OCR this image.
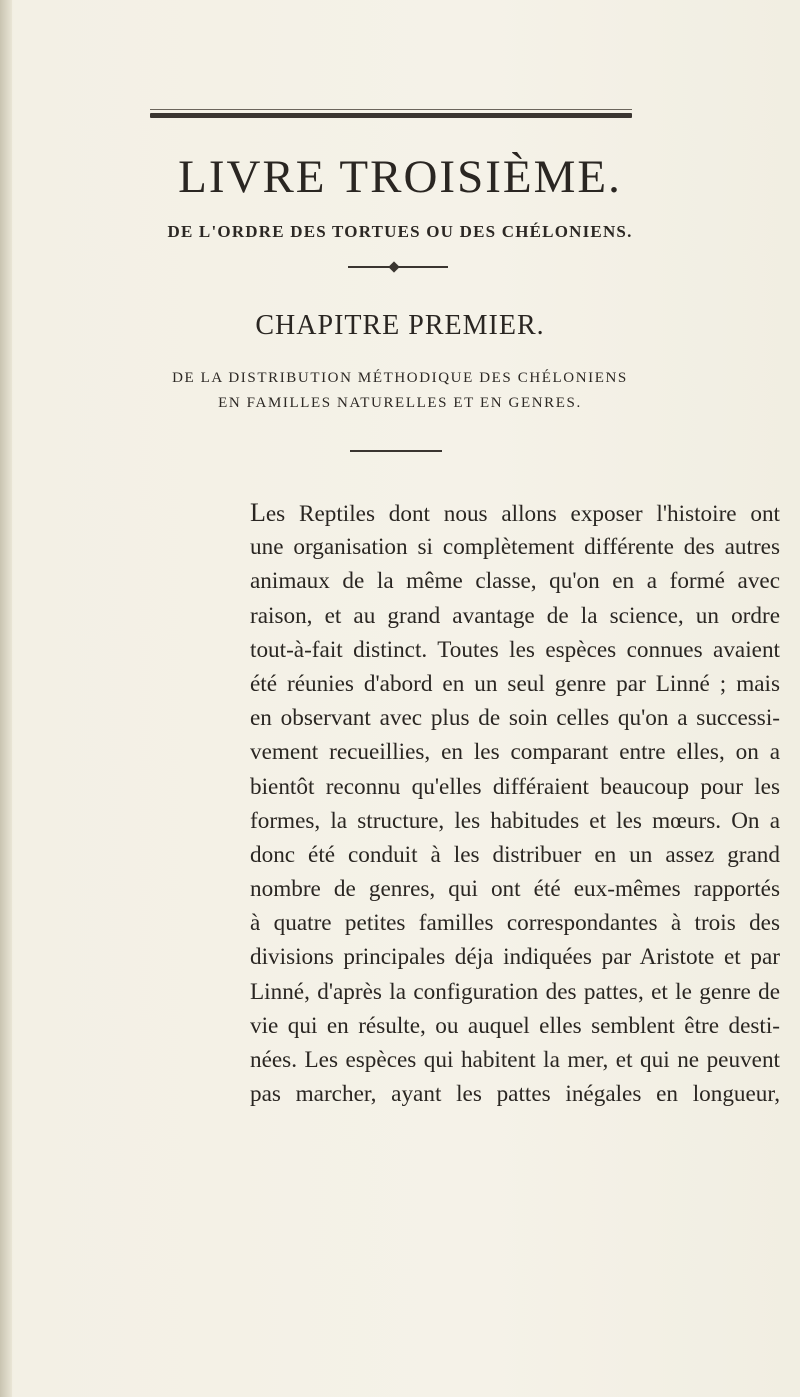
LIVRE TROISIÈME.
DE L'ORDRE DES TORTUES OU DES CHÉLONIENS.
CHAPITRE PREMIER.
DE LA DISTRIBUTION MÉTHODIQUE DES CHÉLONIENS
EN FAMILLES NATURELLES ET EN GENRES.
Les Reptiles dont nous allons exposer l'histoire ont
une organisation si complètement différente des autres
animaux de la même classe, qu'on en a formé avec
raison, et au grand avantage de la science, un ordre
tout-à-fait distinct. Toutes les espèces connues avaient
été réunies d'abord en un seul genre par Linné ; mais
en observant avec plus de soin celles qu'on a successi-
vement recueillies, en les comparant entre elles, on a
bientôt reconnu qu'elles différaient beaucoup pour les
formes, la structure, les habitudes et les mœurs. On a
donc été conduit à les distribuer en un assez grand
nombre de genres, qui ont été eux-mêmes rapportés
à quatre petites familles correspondantes à trois des
divisions principales déja indiquées par Aristote et par
Linné, d'après la configuration des pattes, et le genre de
vie qui en résulte, ou auquel elles semblent être desti-
nées. Les espèces qui habitent la mer, et qui ne peuvent
pas marcher, ayant les pattes inégales en longueur,
